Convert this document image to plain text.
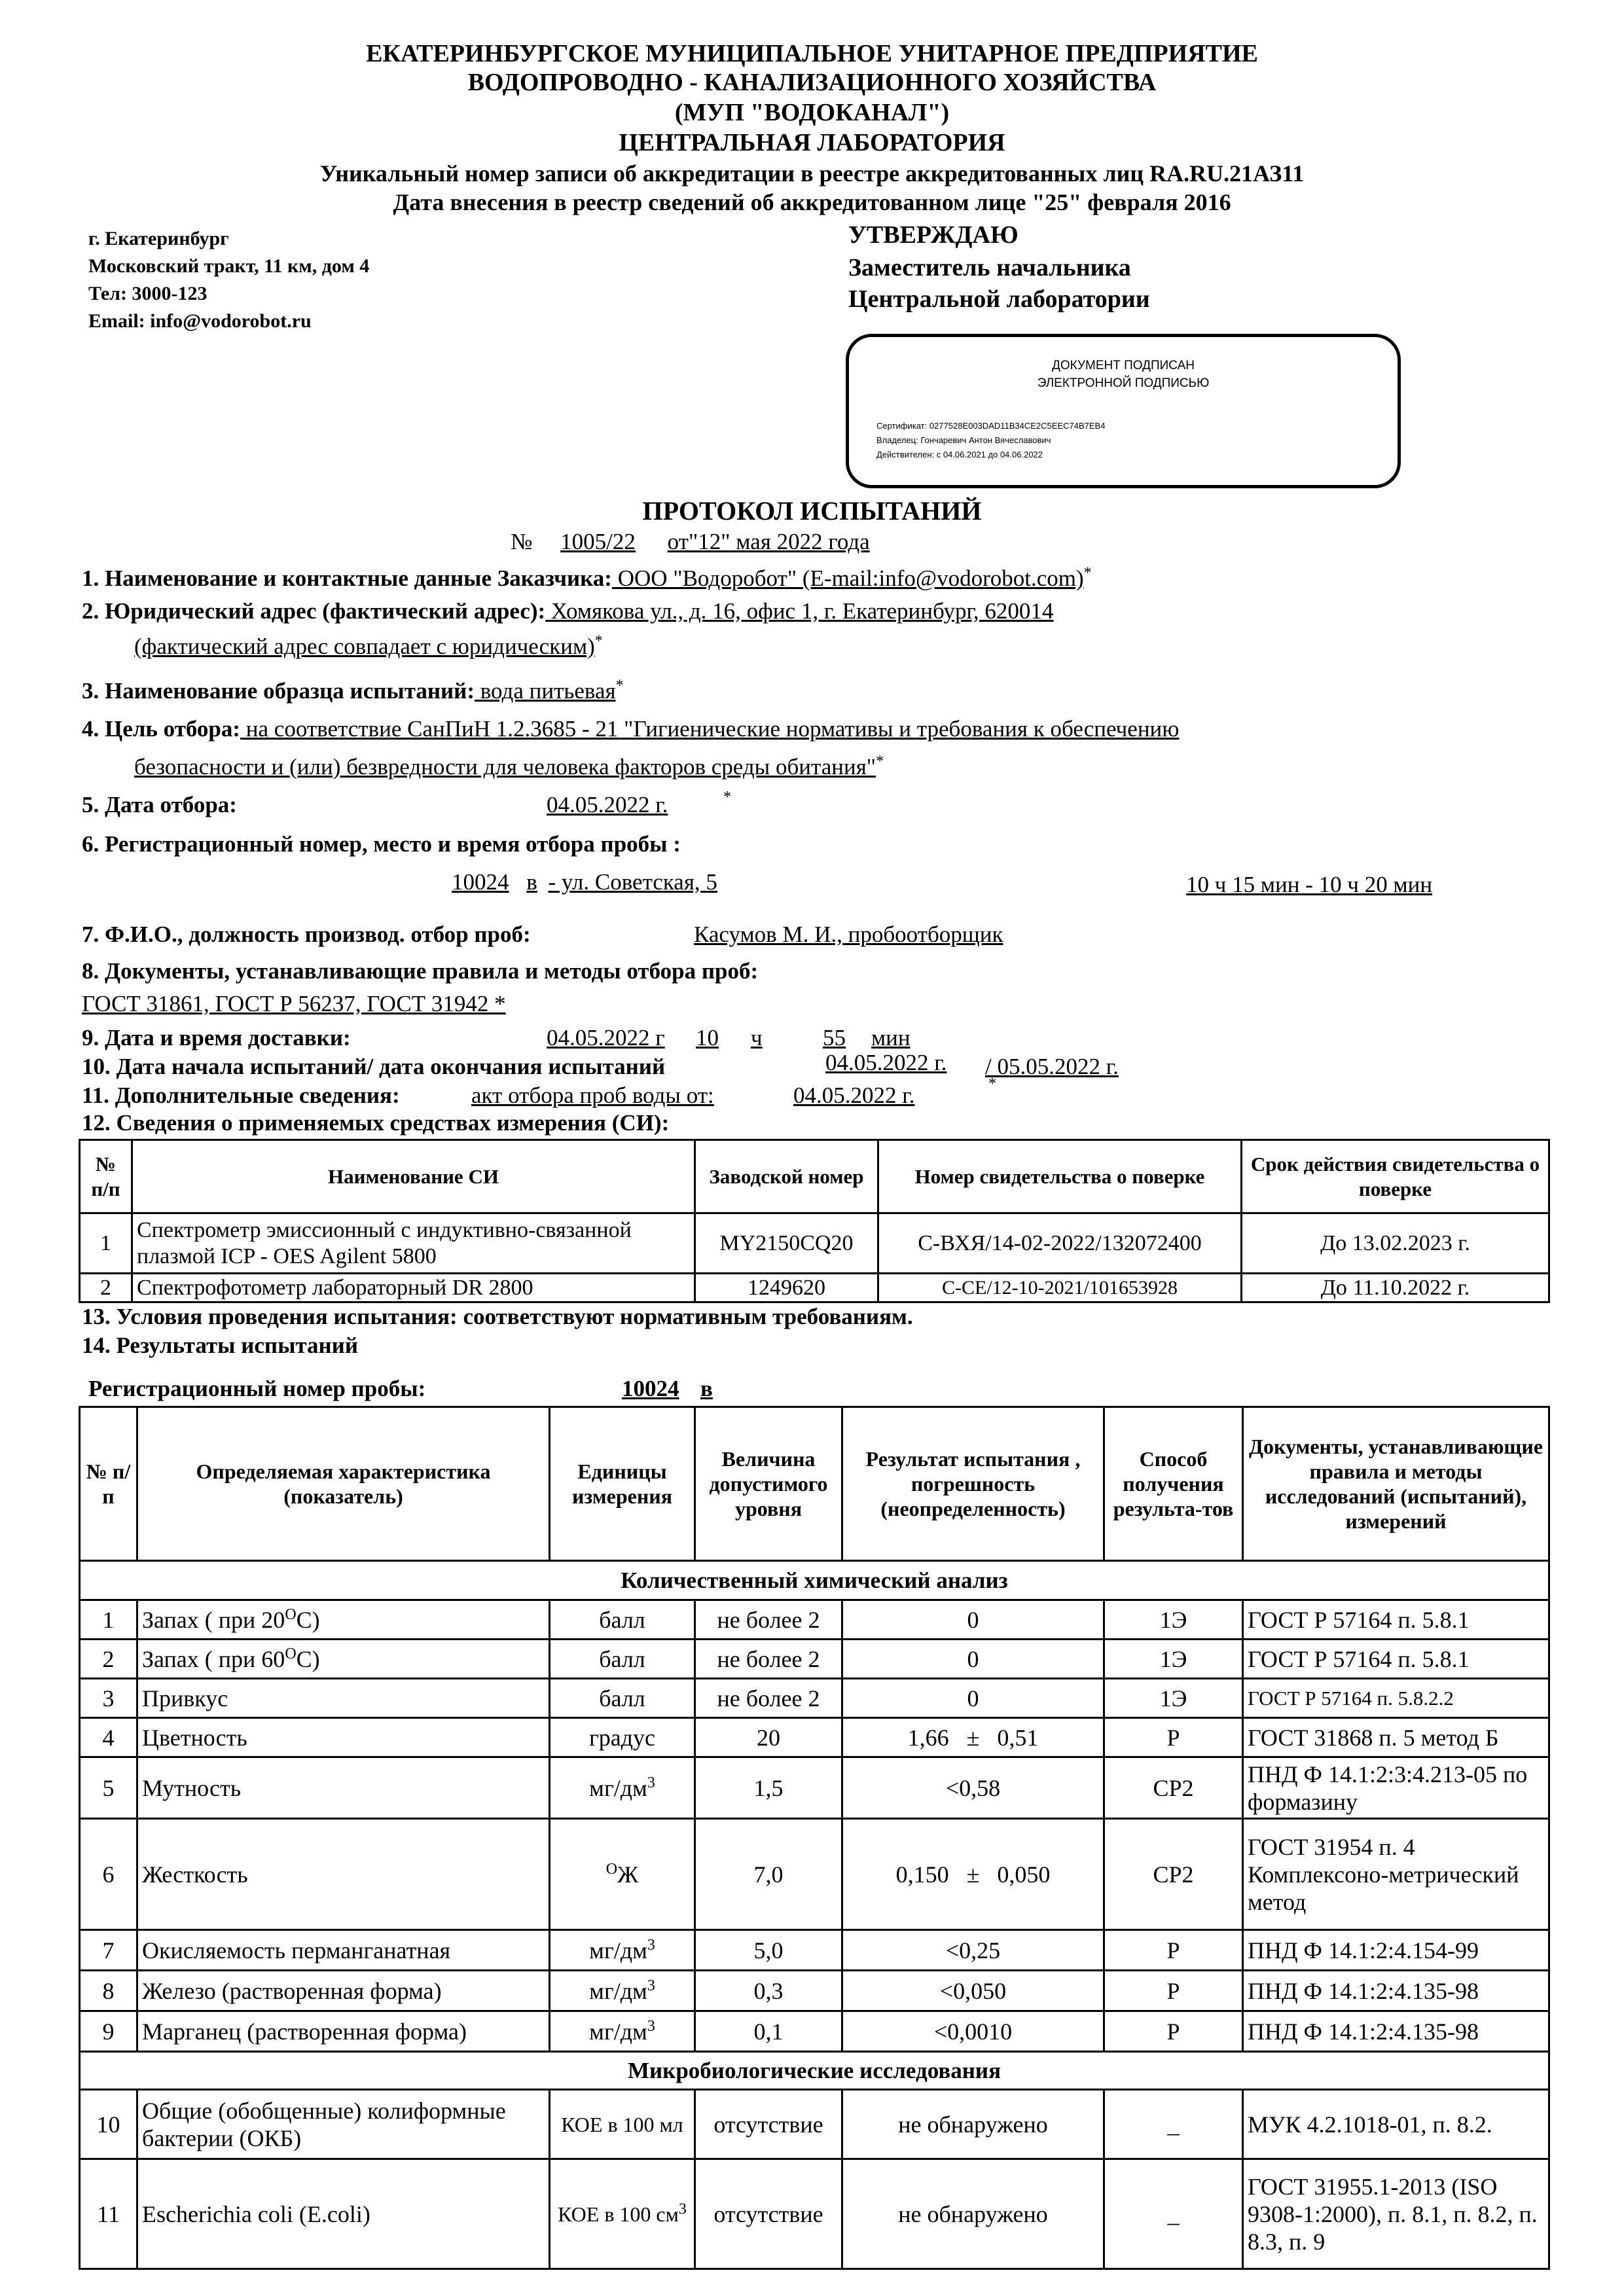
ЕКАТЕРИНБУРГСКОЕ МУНИЦИПАЛЬНОЕ УНИТАРНОЕ ПРЕДПРИЯТИЕ
ВОДОПРОВОДНО - КАНАЛИЗАЦИОННОГО ХОЗЯЙСТВА
(МУП "ВОДОКАНАЛ")
ЦЕНТРАЛЬНАЯ ЛАБОРАТОРИЯ
Уникальный номер записи об аккредитации в реестре аккредитованных лиц RA.RU.21АЗ11
Дата внесения в реестр сведений об аккредитованном лице "25" февраля 2016
г. Екатеринбург
Московский тракт, 11 км, дом 4
Тел: 3000-123
Email: info@vodorobot.ru
УТВЕРЖДАЮ
Заместитель начальника
Центральной лаборатории
ДОКУМЕНТ ПОДПИСАН
ЭЛЕКТРОННОЙ ПОДПИСЬЮ
Сертификат: 0277528E003DAD11B34CE2C5EEC74B7EB4
Владелец: Гончаревич Антон Вячеславович
Действителен: с 04.06.2021 до 04.06.2022
ПРОТОКОЛ ИСПЫТАНИЙ
№ 1005/22 от"12" мая 2022 года
1. Наименование и контактные данные Заказчика: ООО "Водоробот" (E-mail:info@vodorobot.com)*
2. Юридический адрес (фактический адрес): Хомякова ул., д. 16, офис 1, г. Екатеринбург, 620014
(фактический адрес совпадает с юридическим)*
3. Наименование образца испытаний: вода питьевая*
4. Цель отбора: на соответствие СанПиН 1.2.3685 - 21 "Гигиенические нормативы и требования к обеспечению
безопасности и (или) безвредности для человека факторов среды обитания"*
5. Дата отбора:	04.05.2022 г.	*
6. Регистрационный номер, место и время отбора пробы :
10024 в - ул. Советская, 5	10 ч 15 мин - 10 ч 20 мин
7. Ф.И.О., должность производ. отбор проб:	Касумов М. И., пробоотборщик
8. Документы, устанавливающие правила и методы отбора проб:
ГОСТ 31861, ГОСТ Р 56237, ГОСТ 31942 *
9. Дата и время доставки:	04.05.2022 г 10 ч	55 мин
10. Дата начала испытаний/ дата окончания испытаний	04.05.2022 г. / 05.05.2022 г.
11. Дополнительные сведения:	акт отбора проб воды от:	04.05.2022 г.	*
12. Сведения о применяемых средствах измерения (СИ):
№ п/п	Наименование СИ	Заводской номер	Номер свидетельства о поверке	Срок действия свидетельства о поверке
1	Спектрометр эмиссионный с индуктивно-связанной плазмой ICP - OES Agilent 5800	MY2150CQ20	С-ВХЯ/14-02-2022/132072400	До 13.02.2023 г.
2	Спектрофотометр лабораторный DR 2800	1249620	С-СЕ/12-10-2021/101653928	До 11.10.2022 г.
13. Условия проведения испытания: соответствуют нормативным требованиям.
14. Результаты испытаний
Регистрационный номер пробы:	10024 в
№ п/п	Определяемая характеристика (показатель)	Единицы измерения	Величина допустимого уровня	Результат испытания , погрешность (неопределенность)	Способ получения результа-тов	Документы, устанавливающие правила и методы исследований (испытаний), измерений
Количественный химический анализ						
1	Запах ( при $20^ОС$)	балл	не более 2	0	1Э	ГОСТ Р 57164 п. 5.8.1
2	Запах ( при $60^ОС$)	балл	не более 2	0	1Э	ГОСТ Р 57164 п. 5.8.1
3	Привкус	балл	не более 2	0	1Э	ГОСТ Р 57164 п. 5.8.2.2
4	Цветность	градус	20	1,66   ±   0,51	Р	ГОСТ 31868 п. 5 метод Б
5	Мутность	$мг/дм^3$	1,5	<0,58	СР2	ПНД Ф 14.1:2:3:4.213-05 по формазину
6	Жесткость	$^О$Ж	7,0	0,150   ±   0,050	СР2	ГОСТ 31954 п. 4 Комплексоно-метрический метод
7	Окисляемость перманганатная	$мг/дм^3$	5,0	<0,25	Р	ПНД Ф 14.1:2:4.154-99
8	Железо (растворенная форма)	$мг/дм^3$	0,3	<0,050	Р	ПНД Ф 14.1:2:4.135-98
9	Марганец (растворенная форма)	$мг/дм^3$	0,1	<0,0010	Р	ПНД Ф 14.1:2:4.135-98
Микробиологические исследования						
10	Общие (обобщенные) колиформные бактерии (ОКБ)	КОЕ в 100 мл	отсутствие	не обнаружено	_	МУК 4.2.1018-01, п. 8.2.
11	Escherichia coli (E.coli)	КОЕ в 100 $см^3$	отсутствие	не обнаружено	_	ГОСТ 31955.1-2013 (ISO 9308-1:2000), п. 8.1, п. 8.2, п. 8.3, п. 9
